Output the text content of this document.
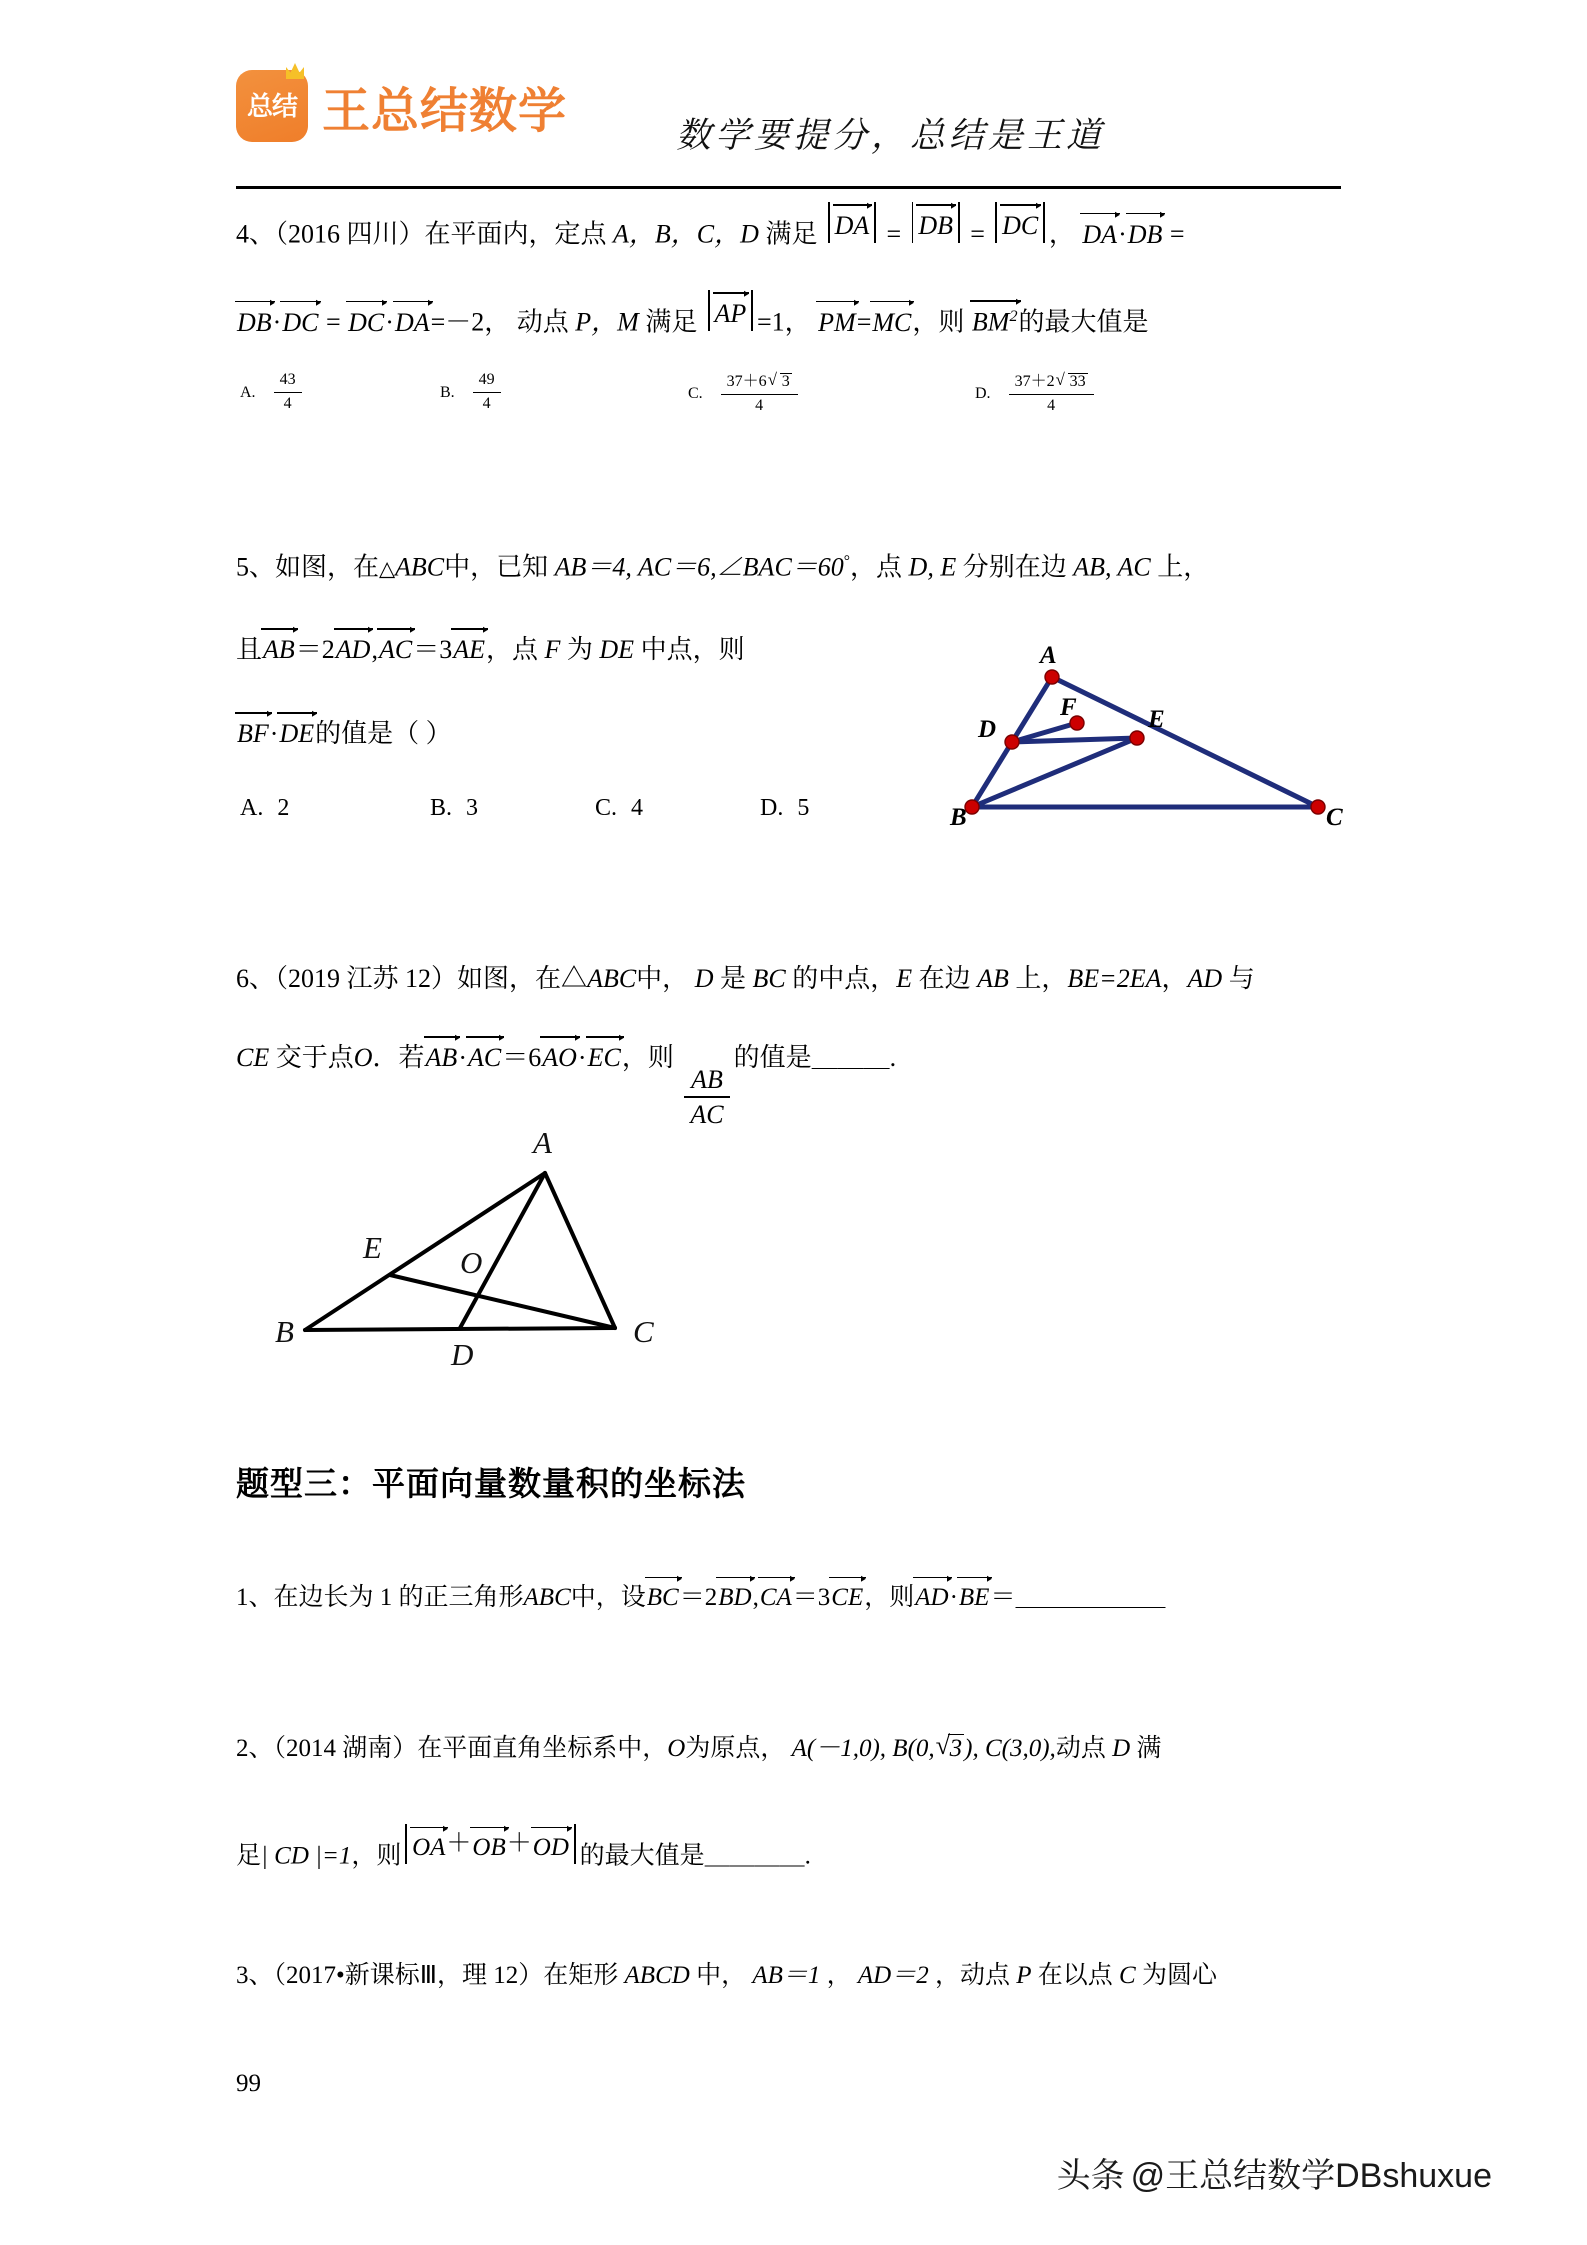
总结 王总结数学	数学要提分，总结是王道
4、（2016 四川）在平面内，定点 A，B，C，D 满足 DA = DB = DC ， DA·DB =
DB·DC = DC·DA=－2， 动点 P，M 满足 AP =1， PM=MC，则 $BM^2$的最大值是
A. $\frac{43}{4}$	B. $\frac{49}{4}$	C. $\frac{37+6 √ 3}{4}$	D. $\frac{37+2 √ 33}{4}$
5、如图，在△ABC中，已知 AB＝4, AC＝6,∠BAC＝60°，点 D, E 分别在边 AB, AC 上，
且AB＝2AD,AC＝3AE，点 F 为 DE 中点，则
BF·DE的值是（ ）
A. 2	B. 3	C. 4	D. 5
A
B	C
D	E
F
6、（2019 江苏 12）如图，在△ABC中， D 是 BC 的中点，E 在边 AB 上，BE=2EA，AD 与
CE 交于点O．若AB·AC＝6AO·EC，则
$\frac{AB}{AC}$
的值是＿＿＿.
A
B	C
D
E	O
题型三：平面向量数量积的坐标法
1、在边长为 1 的正三角形ABC中，设BC＝2BD,CA＝3CE，则AD·BE＝＿＿＿＿＿＿
2、（2014 湖南）在平面直角坐标系中，O为原点， A(－1,0), B(0, √ 3), C(3,0),动点 D 满
足| CD |=1，则 OA ＋ OB ＋ OD 的最大值是＿＿＿＿.
3、（2017•新课标Ⅲ，理 12）在矩形 ABCD 中， AB＝1 ， AD＝2 ，动点 P 在以点 C 为圆心
99
头条 @王总结数学DBshuxue
